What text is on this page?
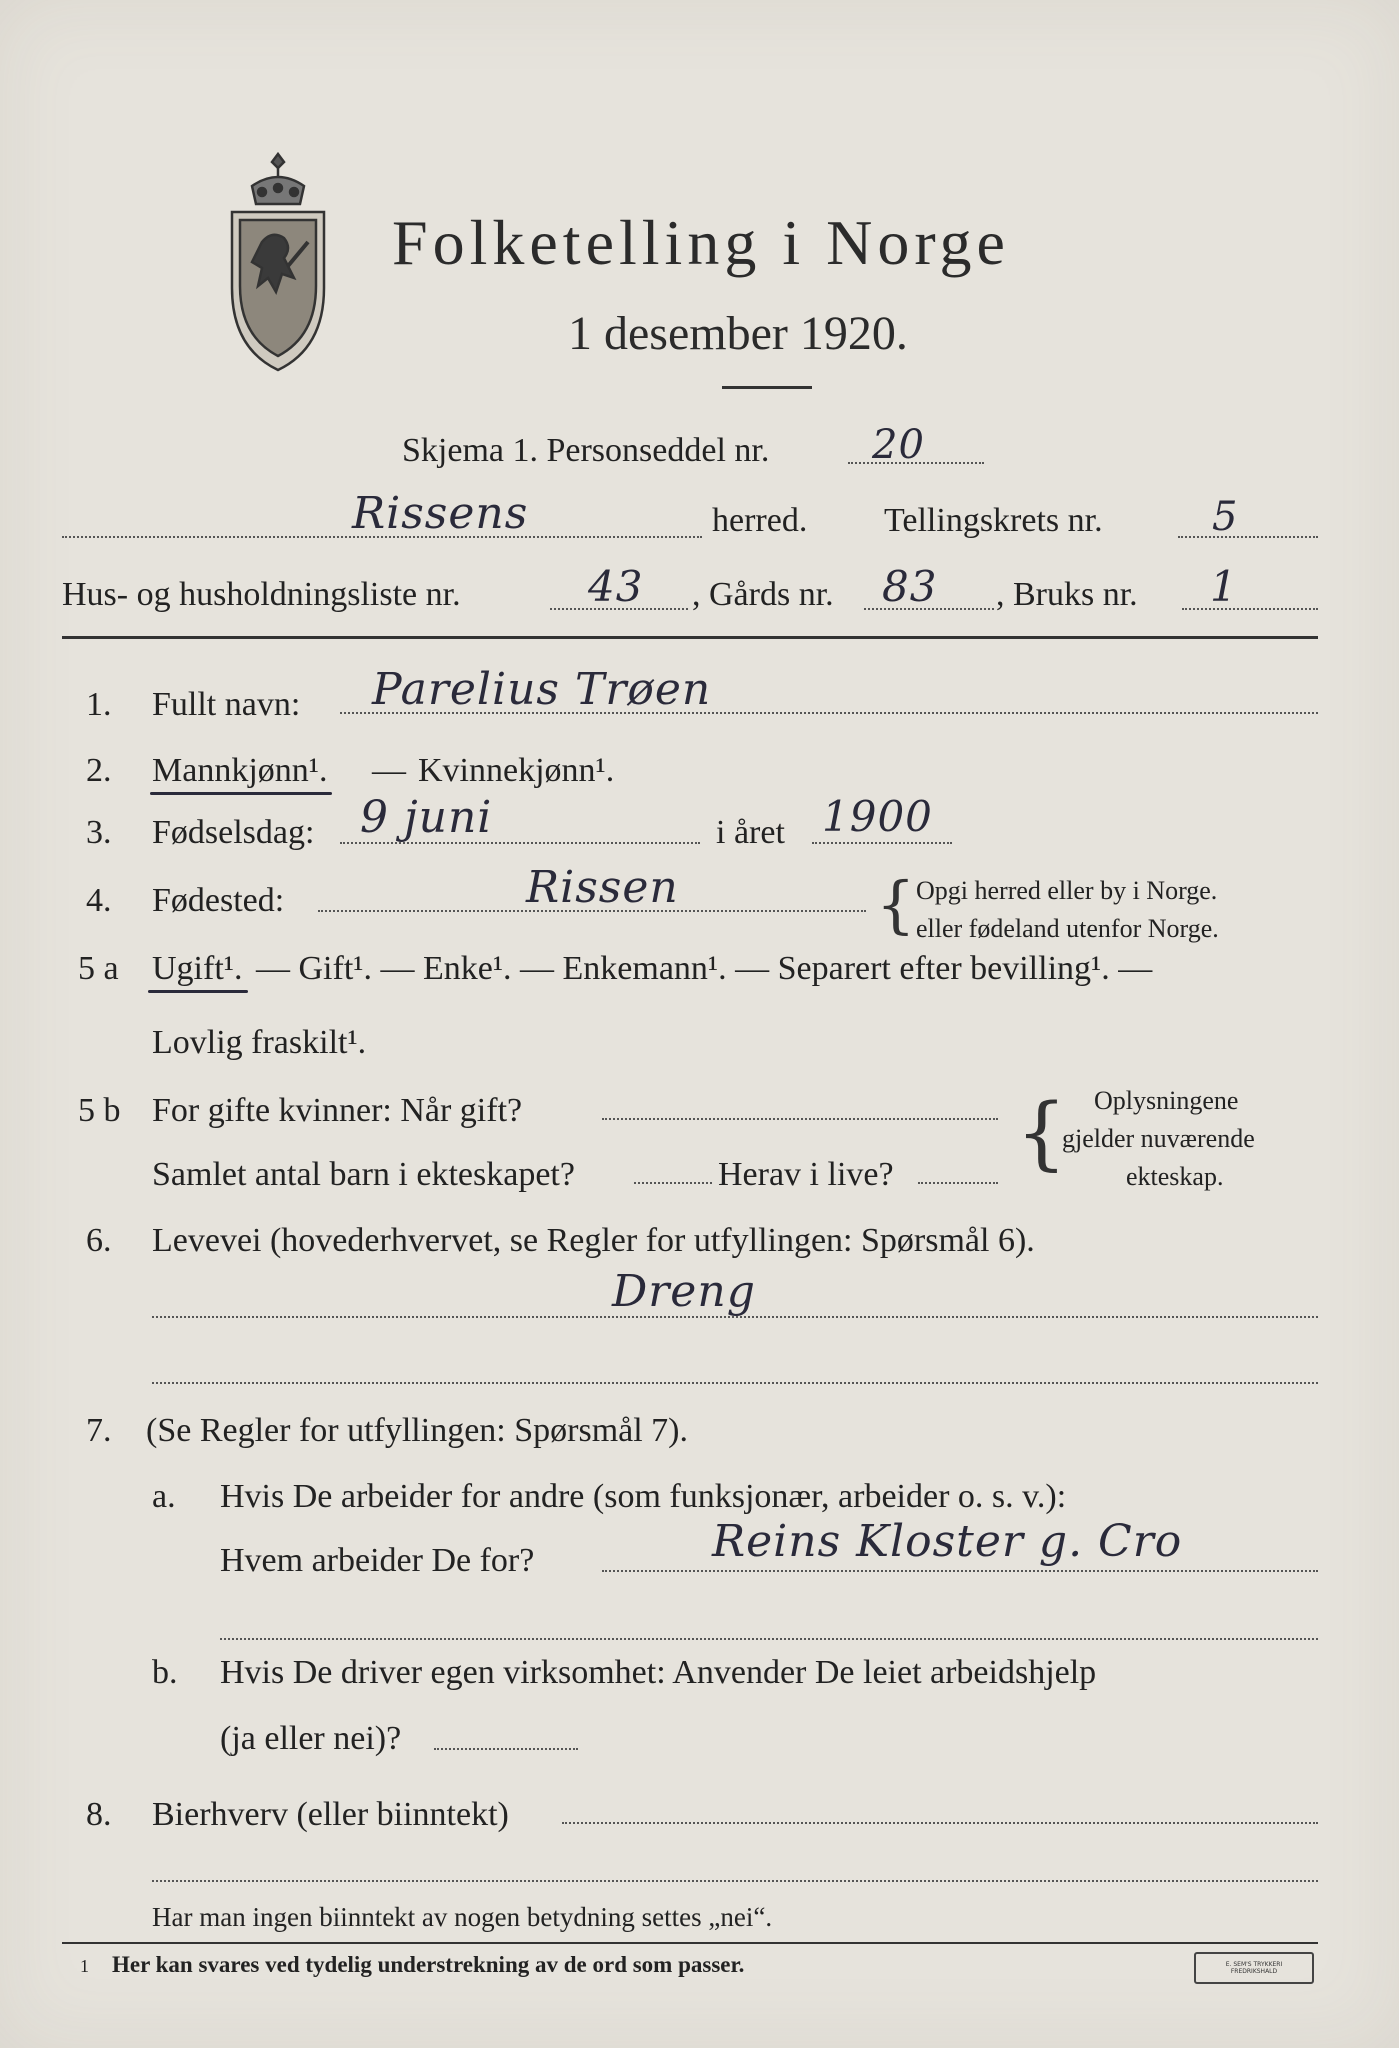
Folketelling i Norge
1 desember 1920.
Skjema 1. Personseddel nr.	20
Rissens	herred. Tellingskrets nr.	5
Hus- og husholdningsliste nr.	43 , Gårds nr. 83 , Bruks nr. 1
1. Fullt navn: Parelius Trøen
2. Mannkjønn¹. — Kvinnekjønn¹.
3. Fødselsdag: 9 juni	i året 1900
4. Fødested:	Rissen	{ Opgi herred eller by i Norge.
eller fødeland utenfor Norge.
5 a Ugift¹. — Gift¹. — Enke¹. — Enkemann¹. — Separert efter bevilling¹. —
Lovlig fraskilt¹.
5 b For gifte kvinner: Når gift?
Samlet antal barn i ekteskapet?	Herav i live? { Oplysningene
gjelder nuværende
ekteskap.
6. Levevei (hovederhvervet, se Regler for utfyllingen: Spørsmål 6).
Dreng
7. (Se Regler for utfyllingen: Spørsmål 7).
a. Hvis De arbeider for andre (som funksjonær, arbeider o. s. v.):
Hvem arbeider De for?	Reins Kloster g. Cro
b. Hvis De driver egen virksomhet: Anvender De leiet arbeidshjelp
(ja eller nei)?
8. Bierhverv (eller biinntekt)
Har man ingen biinntekt av nogen betydning settes „nei“.
1 Her kan svares ved tydelig understrekning av de ord som passer.	E. SEM'S TRYKKERI FREDRIKSHALD
